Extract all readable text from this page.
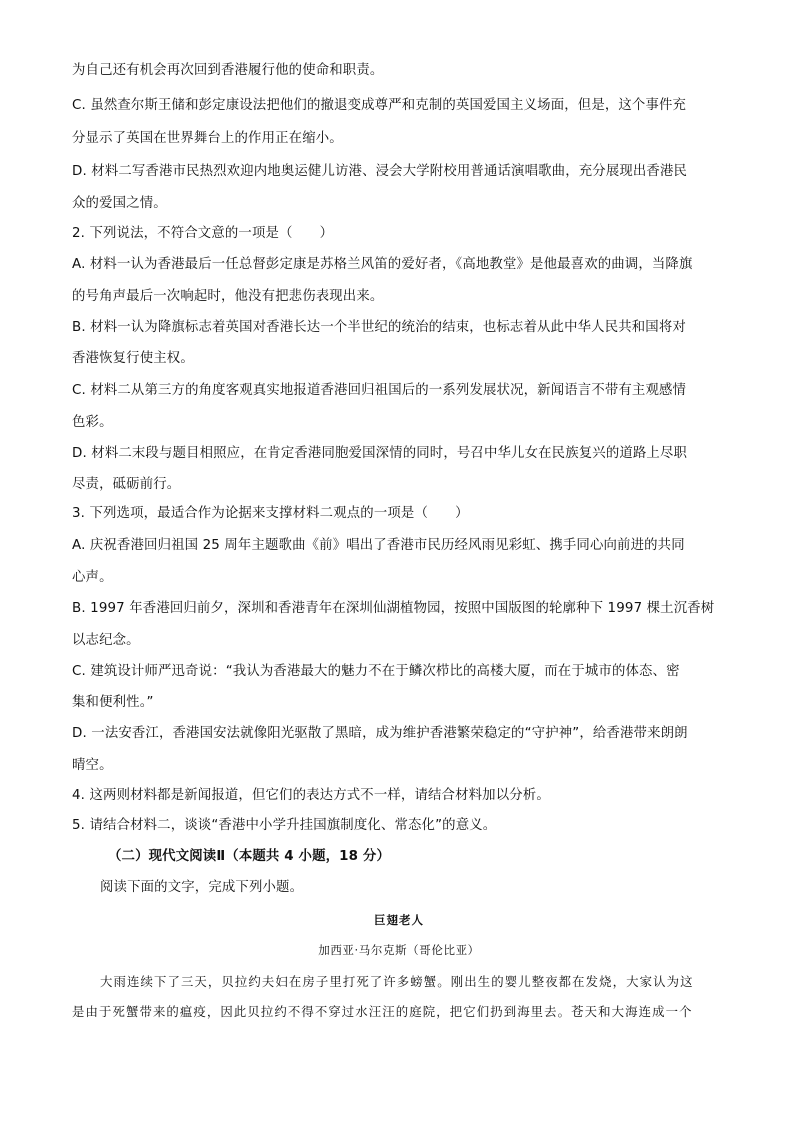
为自己还有机会再次回到香港履行他的使命和职责。
C. 虽然查尔斯王储和彭定康设法把他们的撤退变成尊严和克制的英国爱国主义场面，但是，这个事件充
分显示了英国在世界舞台上的作用正在缩小。
D. 材料二写香港市民热烈欢迎内地奥运健儿访港、浸会大学附校用普通话演唱歌曲，充分展现出香港民
众的爱国之情。
2. 下列说法，不符合文意的一项是（　　）
A. 材料一认为香港最后一任总督彭定康是苏格兰风笛的爱好者，《高地教堂》是他最喜欢的曲调，当降旗
的号角声最后一次响起时，他没有把悲伤表现出来。
B. 材料一认为降旗标志着英国对香港长达一个半世纪的统治的结束，也标志着从此中华人民共和国将对
香港恢复行使主权。
C. 材料二从第三方的角度客观真实地报道香港回归祖国后的一系列发展状况，新闻语言不带有主观感情
色彩。
D. 材料二末段与题目相照应，在肯定香港同胞爱国深情的同时，号召中华儿女在民族复兴的道路上尽职
尽责，砥砺前行。
3. 下列选项，最适合作为论据来支撑材料二观点的一项是（　　）
A. 庆祝香港回归祖国 25 周年主题歌曲《前》唱出了香港市民历经风雨见彩虹、携手同心向前进的共同
心声。
B. 1997 年香港回归前夕，深圳和香港青年在深圳仙湖植物园，按照中国版图的轮廓种下 1997 棵土沉香树
以志纪念。
C. 建筑设计师严迅奇说：“我认为香港最大的魅力不在于鳞次栉比的高楼大厦，而在于城市的体态、密
集和便利性。”
D. 一法安香江，香港国安法就像阳光驱散了黑暗，成为维护香港繁荣稳定的“守护神”，给香港带来朗朗
晴空。
4. 这两则材料都是新闻报道，但它们的表达方式不一样，请结合材料加以分析。
5. 请结合材料二，谈谈“香港中小学升挂国旗制度化、常态化”的意义。
（二）现代文阅读Ⅱ（本题共 4 小题，18 分）
阅读下面的文字，完成下列小题。
巨翅老人
加西亚·马尔克斯（哥伦比亚）
大雨连续下了三天，贝拉约夫妇在房子里打死了许多螃蟹。刚出生的婴儿整夜都在发烧，大家认为这
是由于死蟹带来的瘟疫，因此贝拉约不得不穿过水汪汪的庭院，把它们扔到海里去。苍天和大海连成一个
